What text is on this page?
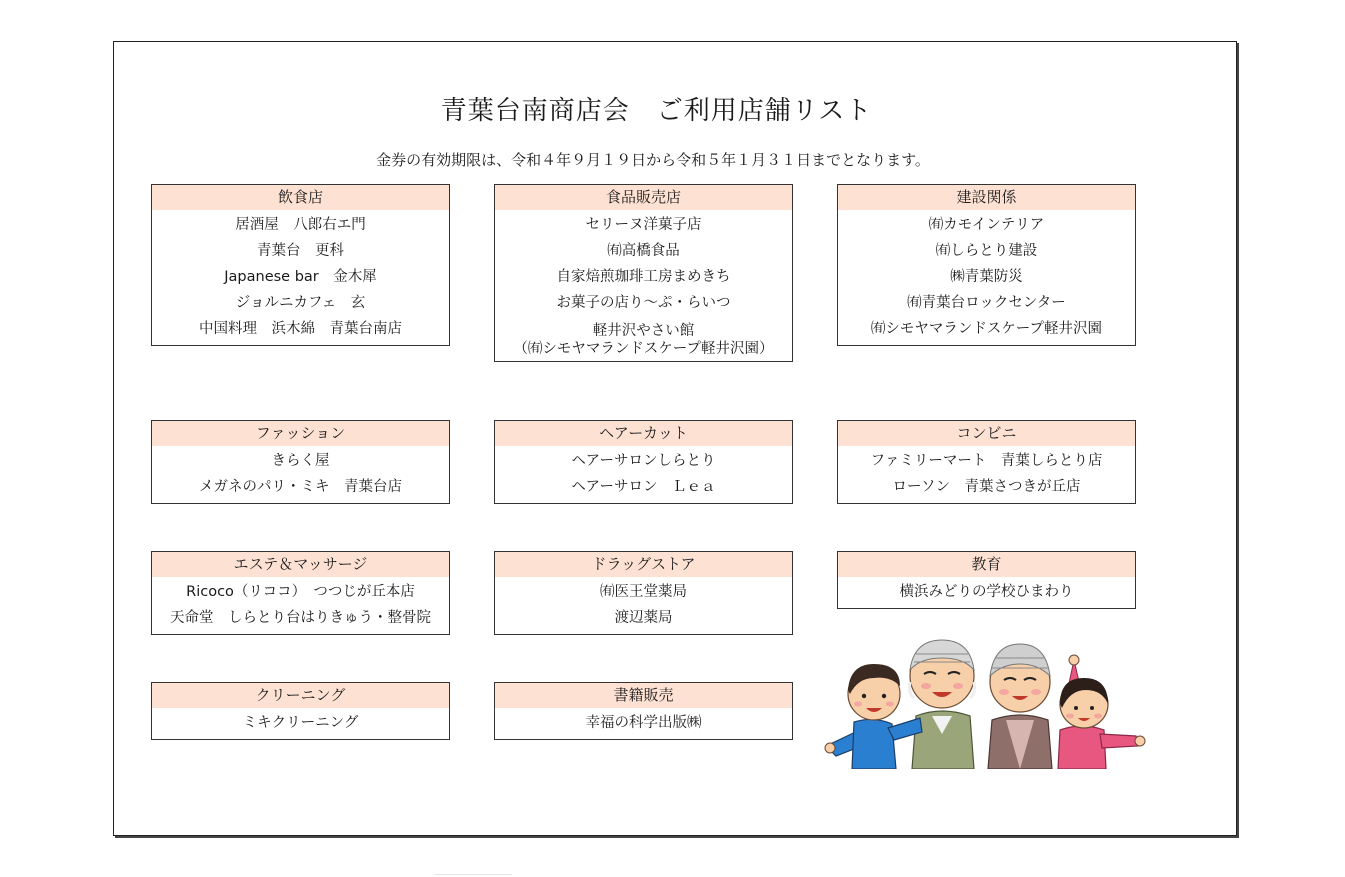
青葉台南商店会　ご利用店舗リスト
金券の有効期限は、令和４年９月１９日から令和５年１月３１日までとなります。
飲食店
居酒屋　八郎右エ門
青葉台　更科
Japanese bar　金木犀
ジョルニカフェ　玄
中国料理　浜木綿　青葉台南店
食品販売店
セリーヌ洋菓子店
㈲高橋食品
自家焙煎珈琲工房まめきち
お菓子の店り～ぷ・らいつ
軽井沢やさい館
（㈲シモヤマランドスケープ軽井沢園）
建設関係
㈲カモインテリア
㈲しらとり建設
㈱青葉防災
㈲青葉台ロックセンター
㈲シモヤマランドスケープ軽井沢園
ファッション
きらく屋
メガネのパリ・ミキ　青葉台店
ヘアーカット
ヘアーサロンしらとり
ヘアーサロン　Ｌｅａ
コンビニ
ファミリーマート　青葉しらとり店
ローソン　青葉さつきが丘店
エステ＆マッサージ
Ricoco（リココ）　つつじが丘本店
天命堂　しらとり台はりきゅう・整骨院
ドラッグストア
㈲医王堂薬局
渡辺薬局
教育
横浜みどりの学校ひまわり
クリーニング
ミキクリーニング
書籍販売
幸福の科学出版㈱
